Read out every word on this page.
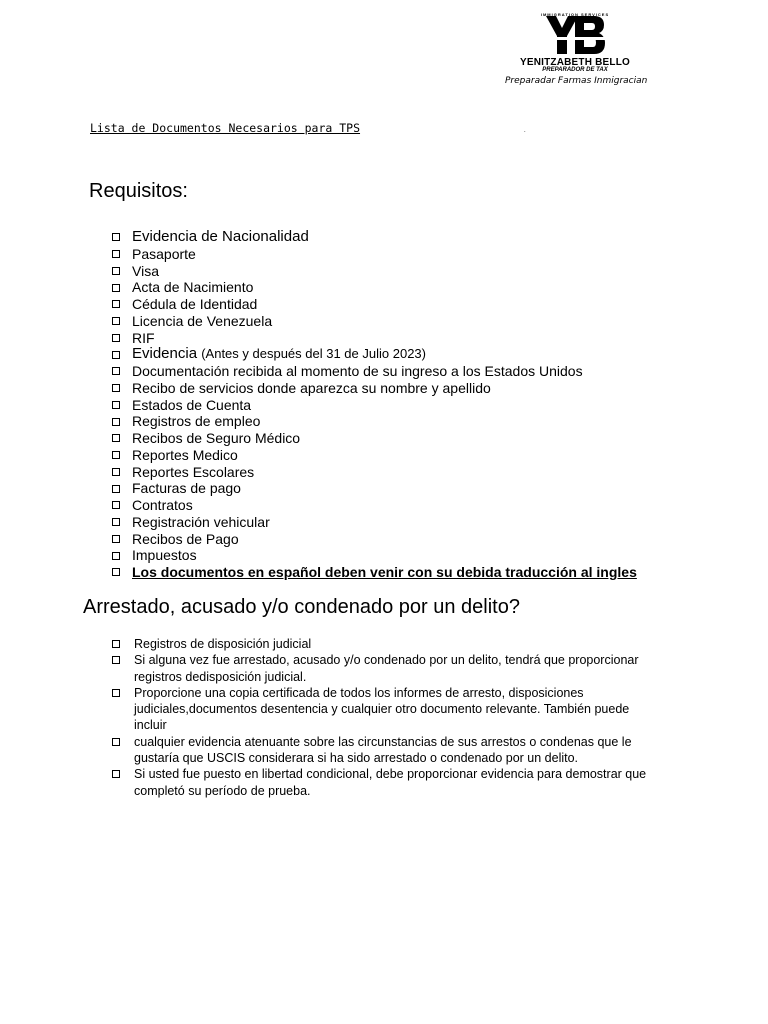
IMMIGRATION SERVICES
YENITZABETH BELLO
PREPARADOR DE TAX
Preparadar Farmas Inmigracian
Lista de Documentos Necesarios para TPS	.
Requisitos:
Evidencia de Nacionalidad
Pasaporte
Visa
Acta de Nacimiento
Cédula de Identidad
Licencia de Venezuela
RIF
Evidencia
(Antes y después del 31 de Julio 2023)
Documentación recibida al momento de su ingreso a los Estados Unidos
Recibo de servicios donde aparezca su nombre y apellido
Estados de Cuenta
Registros de empleo
Recibos de Seguro Médico
Reportes Medico
Reportes Escolares
Facturas de pago
Contratos
Registración vehicular
Recibos de Pago
Impuestos
Los documentos en español deben venir con su debida traducción al ingles
Arrestado, acusado y/o condenado por un delito?
Registros de disposición judicial
Si alguna vez fue arrestado, acusado y/o condenado por un delito, tendrá que proporcionar registros dedisposición judicial.
Proporcione una copia certificada de todos los informes de arresto, disposiciones judiciales,documentos desentencia y cualquier otro documento relevante. También puede incluir
cualquier evidencia atenuante sobre las circunstancias de sus arrestos o condenas que le gustaría que USCIS considerara si ha sido arrestado o condenado por un delito.
Si usted fue puesto en libertad condicional, debe proporcionar evidencia para demostrar que completó su período de prueba.
